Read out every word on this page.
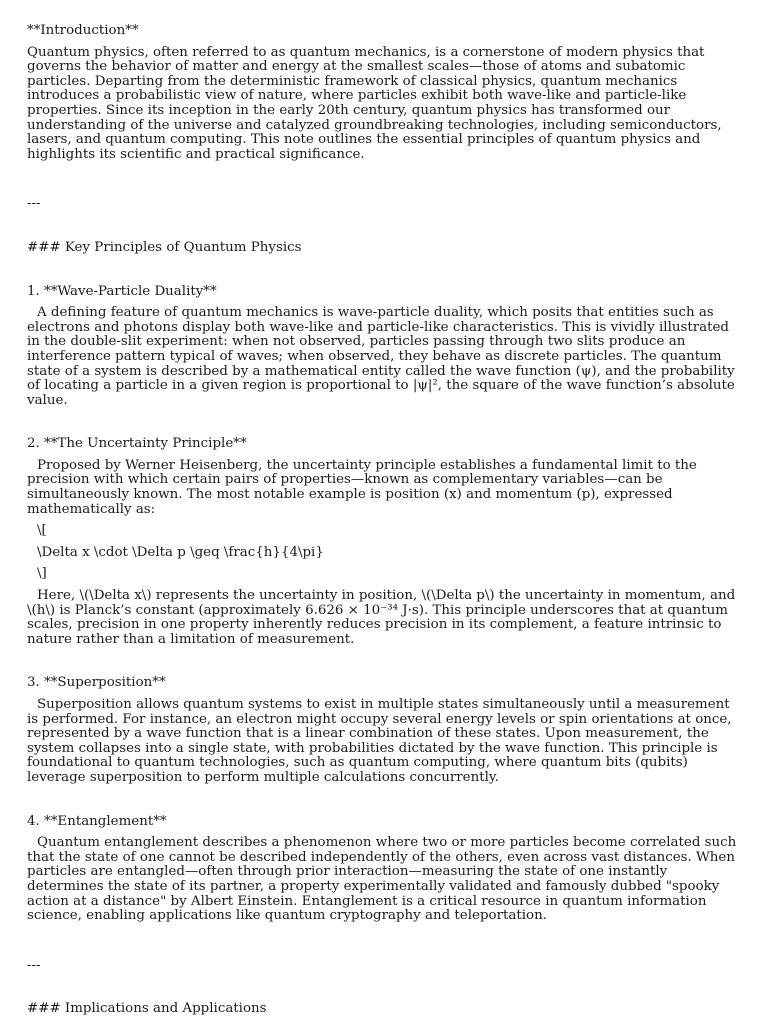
**Introduction**

Quantum physics, often referred to as quantum mechanics, is a cornerstone of modern physics that governs the behavior of matter and energy at the smallest scales—those of atoms and subatomic particles. Departing from the deterministic framework of classical physics, quantum mechanics introduces a probabilistic view of nature, where particles exhibit both wave-like and particle-like properties. Since its inception in the early 20th century, quantum physics has transformed our understanding of the universe and catalyzed groundbreaking technologies, including semiconductors, lasers, and quantum computing. This note outlines the essential principles of quantum physics and highlights its scientific and practical significance.

---

### Key Principles of Quantum Physics

1. **Wave-Particle Duality**

A defining feature of quantum mechanics is wave-particle duality, which posits that entities such as electrons and photons display both wave-like and particle-like characteristics. This is vividly illustrated in the double-slit experiment: when not observed, particles passing through two slits produce an interference pattern typical of waves; when observed, they behave as discrete particles. The quantum state of a system is described by a mathematical entity called the wave function (ψ), and the probability of locating a particle in a given region is proportional to |ψ|², the square of the wave function’s absolute value.

2. **The Uncertainty Principle**

Proposed by Werner Heisenberg, the uncertainty principle establishes a fundamental limit to the precision with which certain pairs of properties—known as complementary variables—can be simultaneously known. The most notable example is position (x) and momentum (p), expressed mathematically as:

\[

\Delta x \cdot \Delta p \geq \frac{h}{4\pi}

\]

Here, \(\Delta x\) represents the uncertainty in position, \(\Delta p\) the uncertainty in momentum, and \(h\) is Planck’s constant (approximately 6.626 × 10⁻³⁴ J·s). This principle underscores that at quantum scales, precision in one property inherently reduces precision in its complement, a feature intrinsic to nature rather than a limitation of measurement.

3. **Superposition**

Superposition allows quantum systems to exist in multiple states simultaneously until a measurement is performed. For instance, an electron might occupy several energy levels or spin orientations at once, represented by a wave function that is a linear combination of these states. Upon measurement, the system collapses into a single state, with probabilities dictated by the wave function. This principle is foundational to quantum technologies, such as quantum computing, where quantum bits (qubits) leverage superposition to perform multiple calculations concurrently.

4. **Entanglement**

Quantum entanglement describes a phenomenon where two or more particles become correlated such that the state of one cannot be described independently of the others, even across vast distances. When particles are entangled—often through prior interaction—measuring the state of one instantly determines the state of its partner, a property experimentally validated and famously dubbed "spooky action at a distance" by Albert Einstein. Entanglement is a critical resource in quantum information science, enabling applications like quantum cryptography and teleportation.

---

### Implications and Applications
